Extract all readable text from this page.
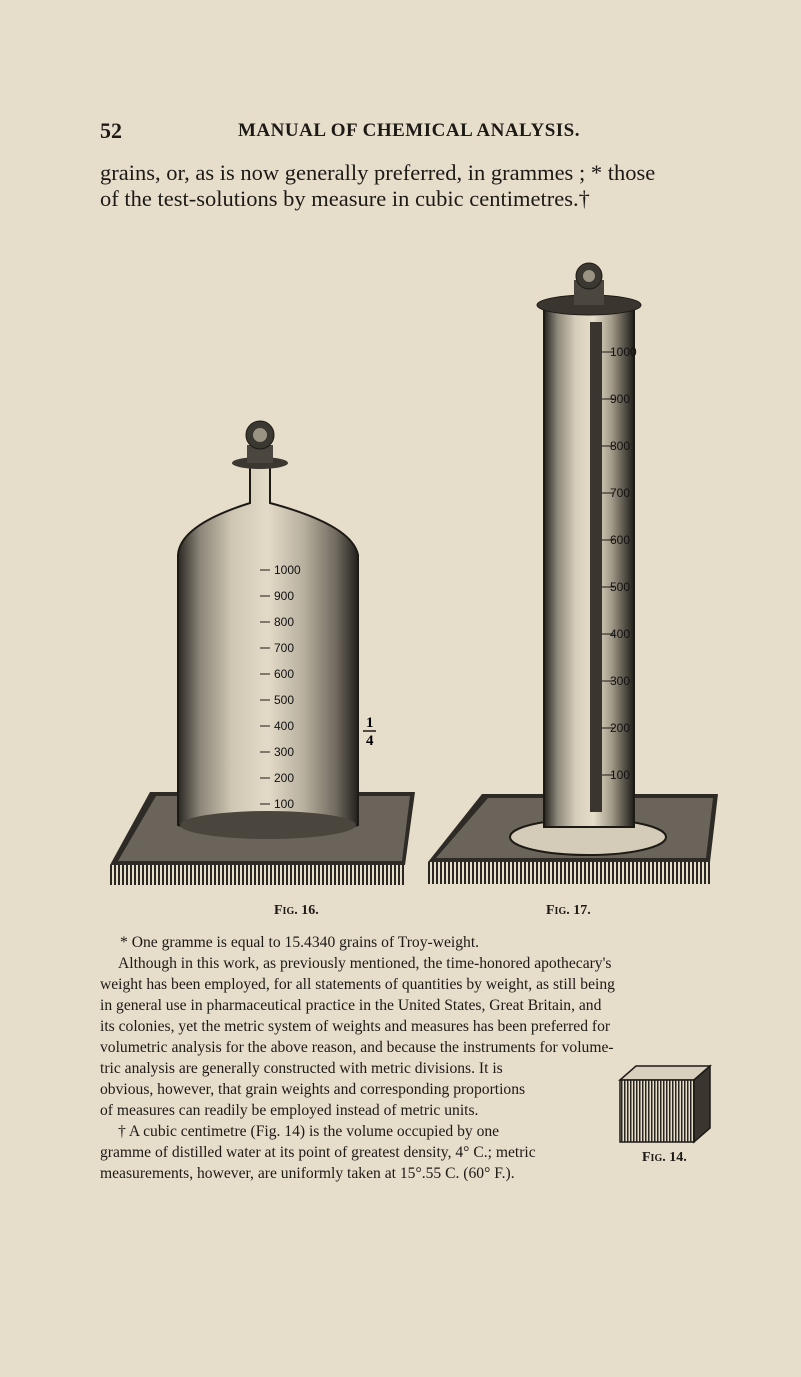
52	MANUAL OF CHEMICAL ANALYSIS.
grains, or, as is now generally preferred, in grammes ; * those
of the test-solutions by measure in cubic centimetres.†
1000
900
800
700
600
500
400
300
200
100
1
4
1000
900
800
700
600
500
400
300
200
100
Fig. 16.	Fig. 17.
* One gramme is equal to 15.4340 grains of Troy-weight.
Although in this work, as previously mentioned, the time-honored apothecary's
weight has been employed, for all statements of quantities by weight, as still being
in general use in pharmaceutical practice in the United States, Great Britain, and
its colonies, yet the metric system of weights and measures has been preferred for
volumetric analysis for the above reason, and because the instruments for volume-
tric analysis are generally constructed with metric divisions. It is
obvious, however, that grain weights and corresponding proportions
of measures can readily be employed instead of metric units.
† A cubic centimetre (Fig. 14) is the volume occupied by one
gramme of distilled water at its point of greatest density, 4° C.; metric
measurements, however, are uniformly taken at 15°.55 C. (60° F.).
Fig. 14.
